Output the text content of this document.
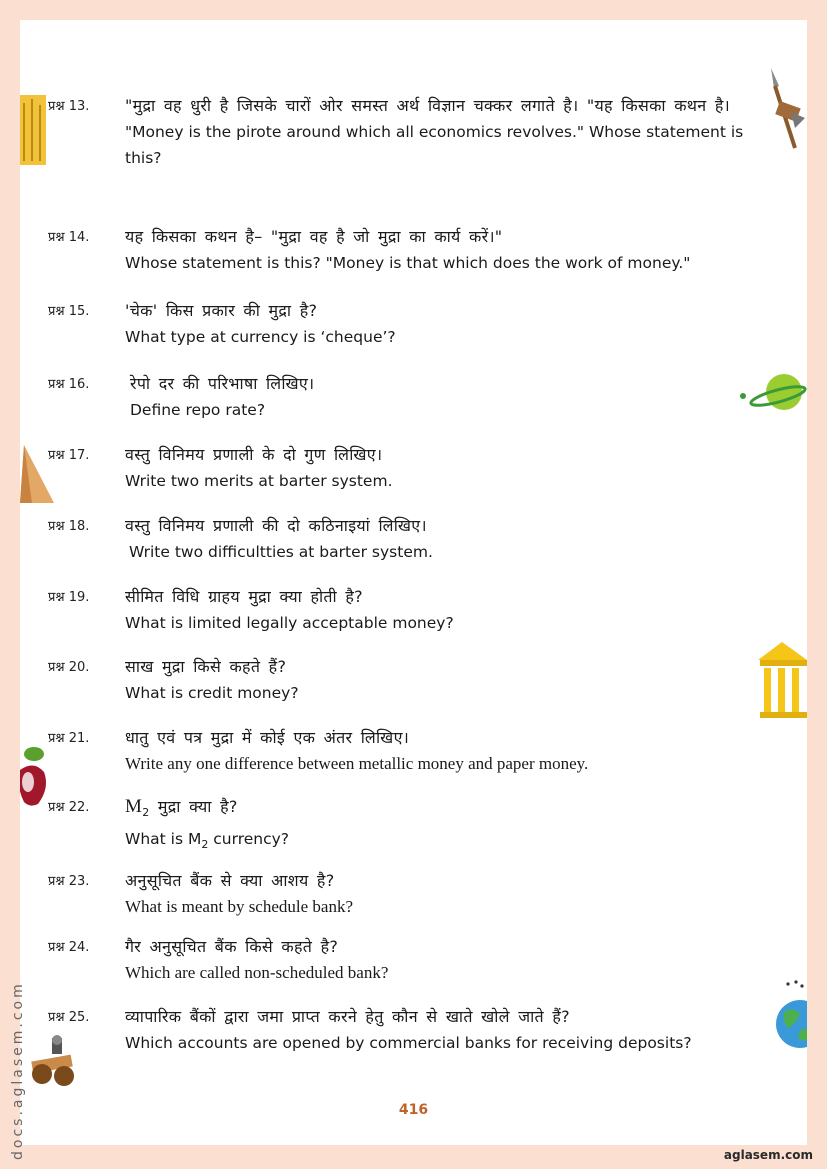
प्रश्न 13. "मुद्रा वह धुरी है जिसके चारों ओर समस्त अर्थ विज्ञान चक्कर लगाते है। "यह किसका कथन है।
"Money is the pirote around which all economics revolves." Whose statement is this?
प्रश्न 14. यह किसका कथन है– "मुद्रा वह है जो मुद्रा का कार्य करें।"
Whose statement is this? "Money is that which does the work of money."
प्रश्न 15. 'चेक' किस प्रकार की मुद्रा है?
What type at currency is ‘cheque’?
प्रश्न 16.	रेपो दर की परिभाषा लिखिए।
Define repo rate?
प्रश्न 17. वस्तु विनिमय प्रणाली के दो गुण लिखिए।
Write two merits at barter system.
प्रश्न 18. वस्तु विनिमय प्रणाली की दो कठिनाइयां लिखिए।
Write two difficultties at barter system.
प्रश्न 19. सीमित विधि ग्राहय मुद्रा क्या होती है?
What is limited legally acceptable money?
प्रश्न 20. साख मुद्रा किसे कहते हैं?
What is credit money?
प्रश्न 21. धातु एवं पत्र मुद्रा में कोई एक अंतर लिखिए।
Write any one difference between metallic money and paper money.
प्रश्न 22. $M_2$ मुद्रा क्या है?
What is $M_2$ currency?
प्रश्न 23. अनुसूचित बैंक से क्या आशय है?
What is meant by schedule bank?
प्रश्न 24. गैर अनुसूचित बैंक किसे कहते है?
Which are called non-scheduled bank?
प्रश्न 25. व्यापारिक बैंकों द्वारा जमा प्राप्त करने हेतु कौन से खाते खोले जाते हैं?
Which accounts are opened by commercial banks for receiving deposits?
416
docs.aglasem.com	aglasem.com
